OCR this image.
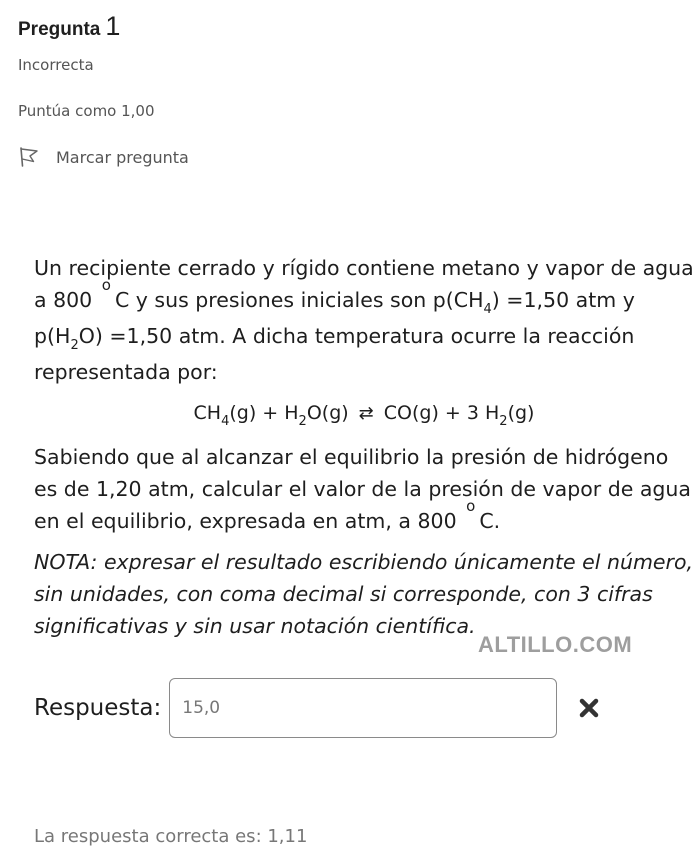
Pregunta 1
Incorrecta
Puntúa como 1,00
Marcar pregunta

Un recipiente cerrado y rígido contiene metano y vapor de agua a 800 $^o$C y sus presiones iniciales son $p(CH_4) =1,50$ atm y $p(H_2O) =1,50$ atm. A dicha temperatura ocurre la reacción representada por:

$CH_4(g) + H_2O(g)$ ⇄ CO(g) + 3 $H_2(g)$

Sabiendo que al alcanzar el equilibrio la presión de hidrógeno es de 1,20 atm, calcular el valor de la presión de vapor de agua en el equilibrio, expresada en atm, a 800 $^o$C.

NOTA: expresar el resultado escribiendo únicamente el número, sin unidades, con coma decimal si corresponde, con 3 cifras significativas y sin usar notación científica.

ALTILLO.COM
Respuesta: 15,0
La respuesta correcta es: 1,11
